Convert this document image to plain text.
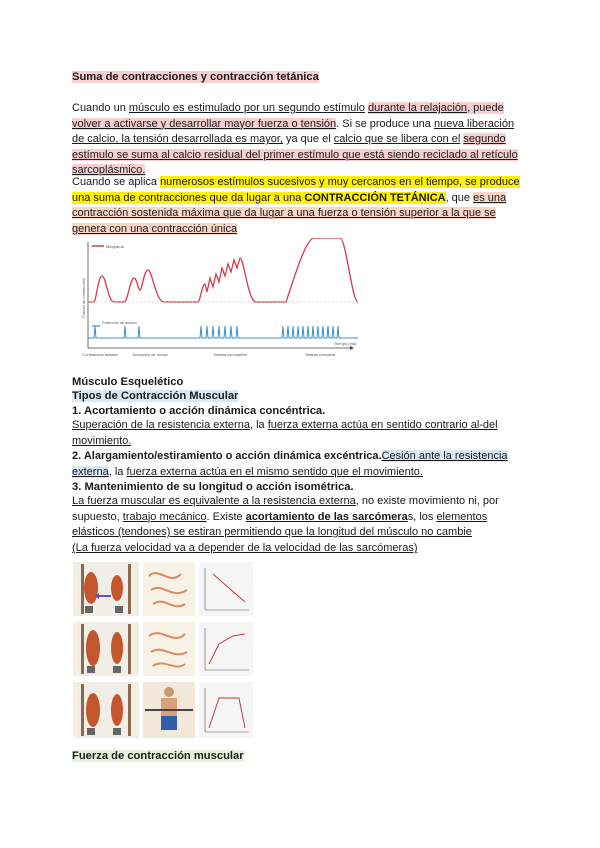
Suma de contracciones y contracción tetánica
Cuando un músculo es estimulado por un segundo estímulo durante la relajación, puede
volver a activarse y desarrollar mayor fuerza o tensión. Si se produce una nueva liberación
de calcio, la tensión desarrollada es mayor, ya que el calcio que se libera con el segundo
estímulo se suma al calcio residual del primer estímulo que está siendo reciclado al retículo
sarcoplásmico.
Cuando se aplica numerosos estímulos sucesivos y muy cercanos en el tiempo, se produce
una suma de contracciones que da lugar a una CONTRACCIÓN TETÁNICA, que es una
contracción sostenida máxima que da lugar a una fuerza o tensión superior a la que se
genera con una contracción única
Miograma
Fuerza de contracción
Potencial de acción
Tiempo (ms)
Contracción aislada	Sumación de ondas	Tetania incompleta	Tetania completa
Músculo Esquelético
Tipos de Contracción Muscular
1. Acortamiento o acción dinámica concéntrica.
Superación de la resistencia externa, la fuerza externa actúa en sentido contrario al-del
movimiento.
2. Alargamiento/estiramiento o acción dinámica excéntrica.Cesión ante la resistencia
externa, la fuerza externa actúa en el mismo sentido que el movimiento.
3. Mantenimiento de su longitud o acción isométrica.
La fuerza muscular es equivalente a la resistencia externa, no existe movimiento ni, por
supuesto, trabajo mecánico. Existe acortamiento de las sarcómeras, los elementos
elásticos (tendones) se estiran permitiendo que la longitud del músculo no cambie
(La fuerza velocidad va a depender de la velocidad de las sarcómeras)
Fuerza de contracción muscular
